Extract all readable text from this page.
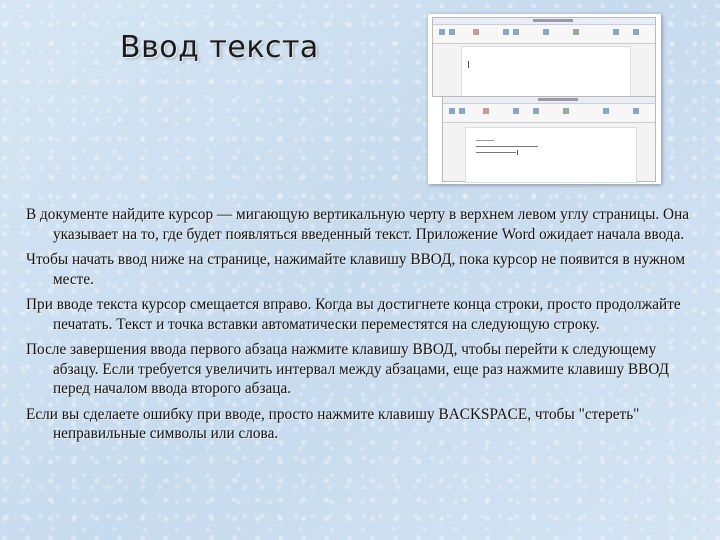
Ввод текста

В документе найдите курсор — мигающую вертикальную черту в верхнем левом углу страницы. Она указывает на то, где будет появляться введенный текст. Приложение Word ожидает начала ввода.

Чтобы начать ввод ниже на странице, нажимайте клавишу ВВОД, пока курсор не появится в нужном месте.

При вводе текста курсор смещается вправо. Когда вы достигнете конца строки, просто продолжайте печатать. Текст и точка вставки автоматически переместятся на следующую строку.

После завершения ввода первого абзаца нажмите клавишу ВВОД, чтобы перейти к следующему абзацу. Если требуется увеличить интервал между абзацами, еще раз нажмите клавишу ВВОД перед началом ввода второго абзаца.

Если вы сделаете ошибку при вводе, просто нажмите клавишу BACKSPACE, чтобы "стереть" неправильные символы или слова.
